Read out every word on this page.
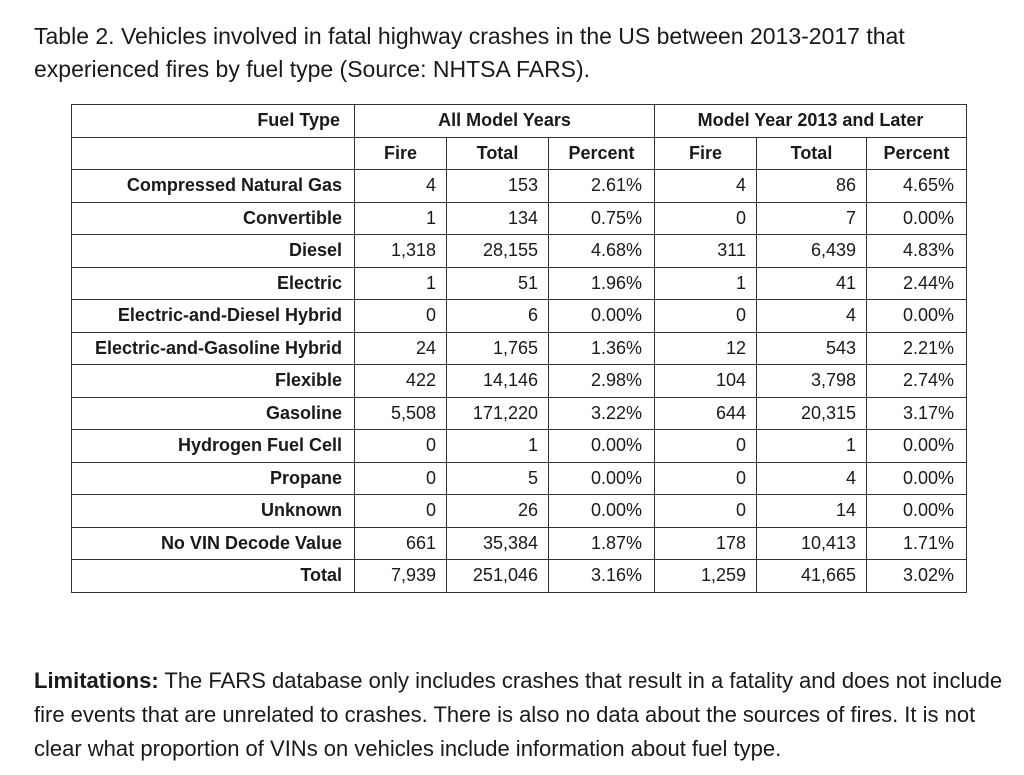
Table 2. Vehicles involved in fatal highway crashes in the US between 2013-2017 that experienced fires by fuel type (Source: NHTSA FARS).
Fuel Type	All Model Years			Model Year 2013 and Later		
	Fire	Total	Percent	Fire	Total	Percent
Compressed Natural Gas	4	153	2.61%	4	86	4.65%
Convertible	1	134	0.75%	0	7	0.00%
Diesel	1,318	28,155	4.68%	311	6,439	4.83%
Electric	1	51	1.96%	1	41	2.44%
Electric-and-Diesel Hybrid	0	6	0.00%	0	4	0.00%
Electric-and-Gasoline Hybrid	24	1,765	1.36%	12	543	2.21%
Flexible	422	14,146	2.98%	104	3,798	2.74%
Gasoline	5,508	171,220	3.22%	644	20,315	3.17%
Hydrogen Fuel Cell	0	1	0.00%	0	1	0.00%
Propane	0	5	0.00%	0	4	0.00%
Unknown	0	26	0.00%	0	14	0.00%
No VIN Decode Value	661	35,384	1.87%	178	10,413	1.71%
Total	7,939	251,046	3.16%	1,259	41,665	3.02%

Limitations: The FARS database only includes crashes that result in a fatality and does not include fire events that are unrelated to crashes. There is also no data about the sources of fires. It is not clear what proportion of VINs on vehicles include information about fuel type.
